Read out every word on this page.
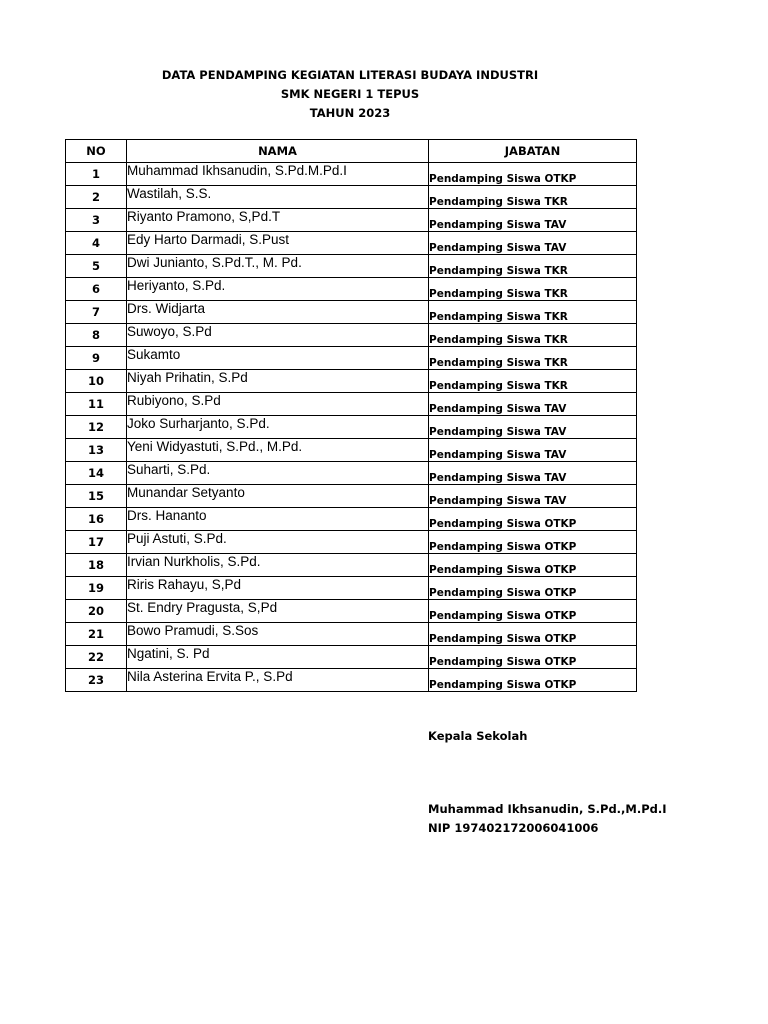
DATA PENDAMPING KEGIATAN LITERASI BUDAYA INDUSTRI
SMK NEGERI 1 TEPUS
TAHUN 2023
NO	NAMA	JABATAN
1	Muhammad Ikhsanudin, S.Pd.M.Pd.I	Pendamping Siswa OTKP
2	Wastilah, S.S.	Pendamping Siswa TKR
3	Riyanto Pramono, S,Pd.T	Pendamping Siswa TAV
4	Edy Harto Darmadi, S.Pust	Pendamping Siswa TAV
5	Dwi Junianto, S.Pd.T., M. Pd.	Pendamping Siswa TKR
6	Heriyanto, S.Pd.	Pendamping Siswa TKR
7	Drs. Widjarta	Pendamping Siswa TKR
8	Suwoyo, S.Pd	Pendamping Siswa TKR
9	Sukamto	Pendamping Siswa TKR
10	Niyah Prihatin, S.Pd	Pendamping Siswa TKR
11	Rubiyono, S.Pd	Pendamping Siswa TAV
12	Joko Surharjanto, S.Pd.	Pendamping Siswa TAV
13	Yeni Widyastuti, S.Pd., M.Pd.	Pendamping Siswa TAV
14	Suharti, S.Pd.	Pendamping Siswa TAV
15	Munandar Setyanto	Pendamping Siswa TAV
16	Drs. Hananto	Pendamping Siswa OTKP
17	Puji Astuti, S.Pd.	Pendamping Siswa OTKP
18	Irvian Nurkholis, S.Pd.	Pendamping Siswa OTKP
19	Riris Rahayu, S,Pd	Pendamping Siswa OTKP
20	St. Endry Pragusta, S,Pd	Pendamping Siswa OTKP
21	Bowo Pramudi, S.Sos	Pendamping Siswa OTKP
22	Ngatini, S. Pd	Pendamping Siswa OTKP
23	Nila Asterina Ervita P., S.Pd	Pendamping Siswa OTKP
Kepala Sekolah
Muhammad Ikhsanudin, S.Pd.,M.Pd.I
NIP 197402172006041006
